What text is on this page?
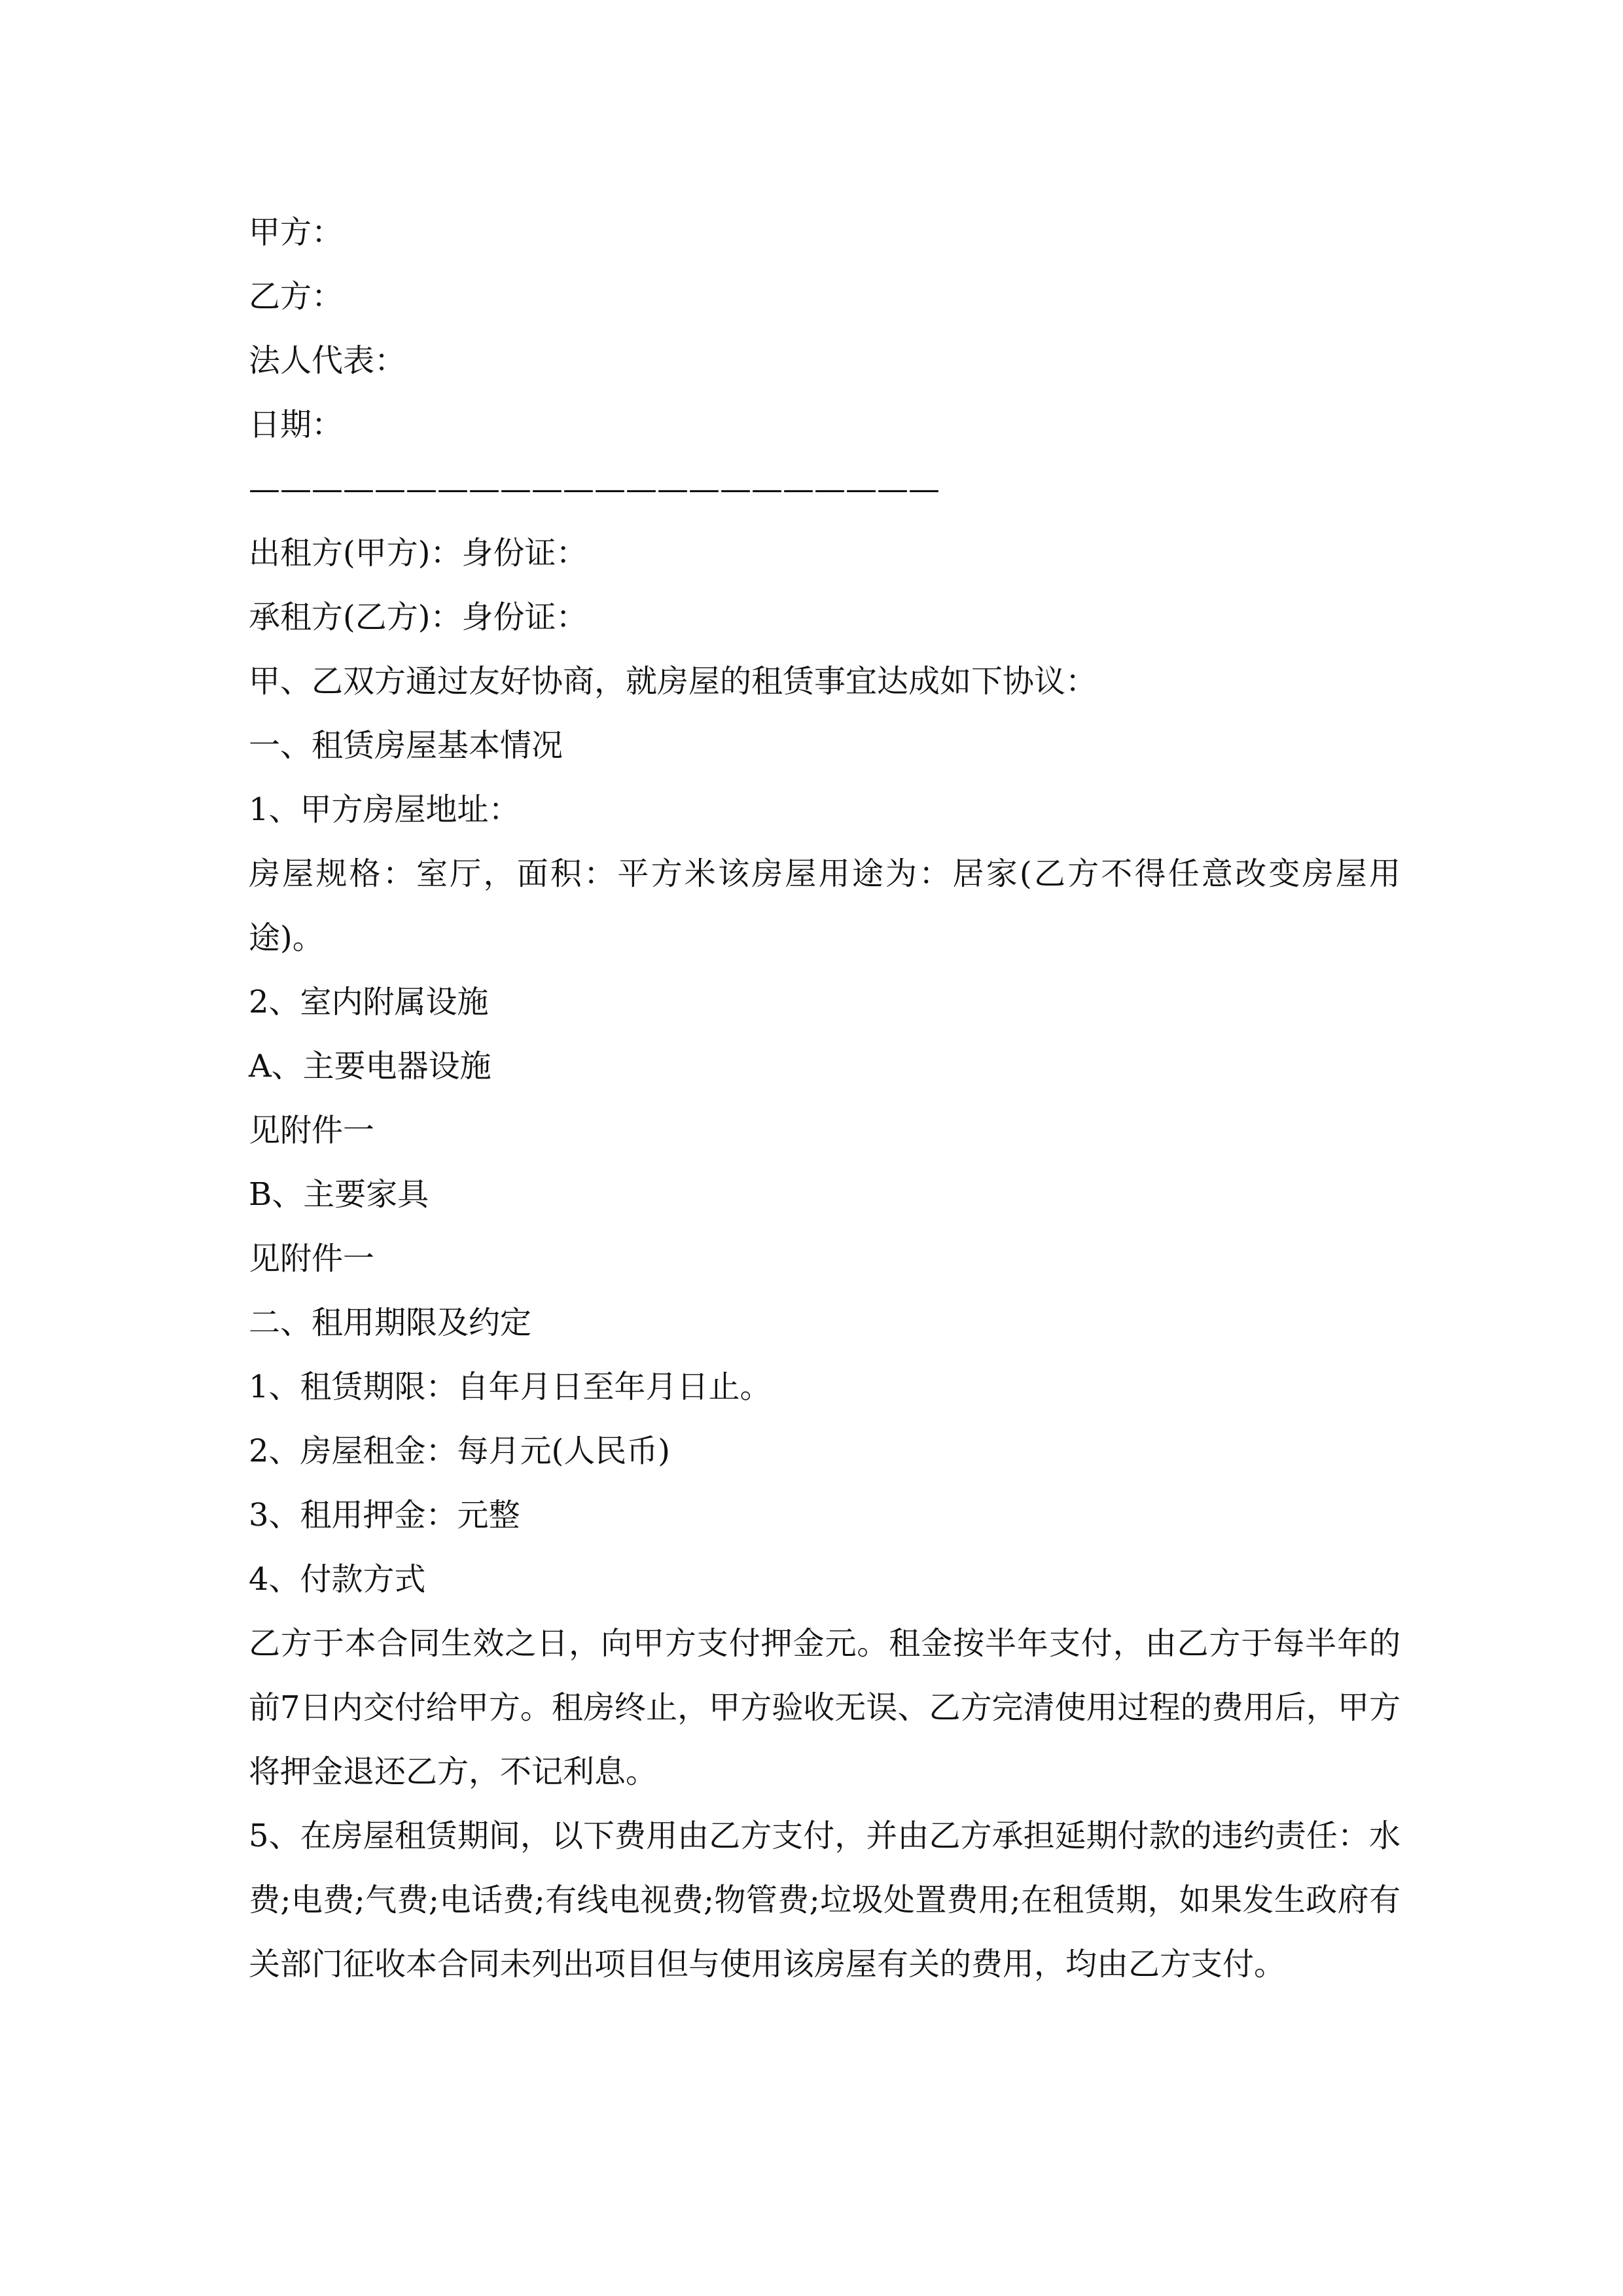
甲方：
乙方：
法人代表：
日期：
——————————————————————
出租方(甲方)：身份证：
承租方(乙方)：身份证：
甲、乙双方通过友好协商，就房屋的租赁事宜达成如下协议：
一、租赁房屋基本情况
1、甲方房屋地址：
房屋规格：室厅，面积：平方米该房屋用途为：居家(乙方不得任意改变房屋用途)。
2、室内附属设施
A、主要电器设施
见附件一
B、主要家具
见附件一
二、租用期限及约定
1、租赁期限：自年月日至年月日止。
2、房屋租金：每月元(人民币)
3、租用押金：元整
4、付款方式
乙方于本合同生效之日，向甲方支付押金元。租金按半年支付，由乙方于每半年的前7日内交付给甲方。租房终止，甲方验收无误、乙方完清使用过程的费用后，甲方将押金退还乙方，不记利息。
5、在房屋租赁期间，以下费用由乙方支付，并由乙方承担延期付款的违约责任：水费;电费;气费;电话费;有线电视费;物管费;垃圾处置费用;在租赁期，如果发生政府有关部门征收本合同未列出项目但与使用该房屋有关的费用，均由乙方支付。
